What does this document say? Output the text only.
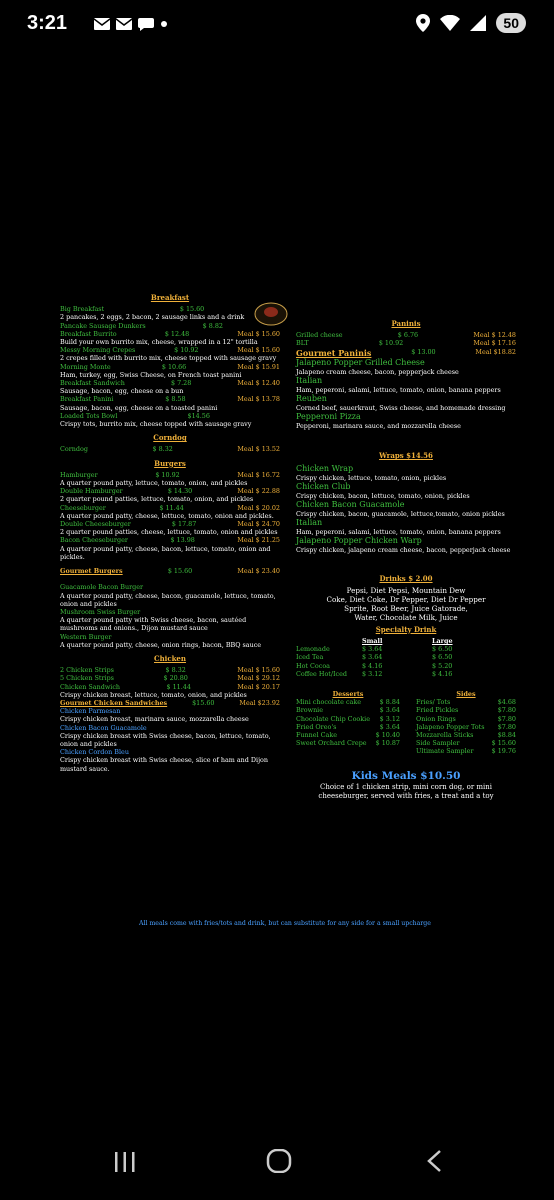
3:21	50
Breakfast
Big Breakfast	$ 15.60
2 pancakes, 2 eggs, 2 bacon, 2 sausage links and a drink
Pancake Sausage Dunkers	$ 8.82
Breakfast Burrito	$ 12.48	Meal $ 15.60
Build your own burrito mix, cheese, wrapped in a 12" tortilla
Messy Morning Crepes	$ 10.92	Meal $ 15.60
2 crepes filled with burrito mix, cheese topped with sausage gravy
Morning Monte	$ 10.66	Meal $ 15.91
Ham, turkey, egg, Swiss Cheese, on French toast panini
Breakfast Sandwich	$ 7.28	Meal $ 12.40
Sausage, bacon, egg, cheese on a bun
Breakfast Panini	$ 8.58	Meal $ 13.78
Sausage, bacon, egg, cheese on a toasted panini
Loaded Tots Bowl	$14.56
Crispy tots, burrito mix, cheese topped with sausage gravy
Corndog
Corndog	$ 8.32	Meal $ 13.52
Burgers
Hamburger	$ 10.92	Meal $ 16.72
A quarter pound patty, lettuce, tomato, onion, and pickles
Double Hamburger	$ 14.30	Meal $ 22.88
2 quarter pound patties, lettuce, tomato, onion, and pickles
Cheeseburger	$ 11.44	Meal $ 20.02
A quarter pound patty, cheese, lettuce, tomato, onion and pickles.
Double Cheeseburger	$ 17.87	Meal $ 24.70
2 quarter pound patties, cheese, lettuce, tomato, onion and pickles
Bacon Cheeseburger	$ 13.98	Meal $ 21.25
A quarter pound patty, cheese, bacon, lettuce, tomato, onion and pickles.
Gourmet Burgers	$ 15.60	Meal $ 23.40
Guacamole Bacon Burger
A quarter pound patty, cheese, bacon, guacamole, lettuce, tomato, onion and pickles
Mushroom Swiss Burger
A quarter pound patty with Swiss cheese, bacon, sautéed mushrooms and onions., Dijon mustard sauce
Western Burger
A quarter pound patty, cheese, onion rings, bacon, BBQ sauce
Chicken
2 Chicken Strips	$ 8.32	Meal $ 15.60
5 Chicken Strips	$ 20.80	Meal $ 29.12
Chicken Sandwich	$ 11.44	Meal $ 20.17
Crispy chicken breast, lettuce, tomato, onion, and pickles
Gourmet Chicken Sandwiches	$15.60	Meal $23.92
Chicken Parmesan
Crispy chicken breast, marinara sauce, mozzarella cheese
Chicken Bacon Guacamole
Crispy chicken breast with Swiss cheese, bacon, lettuce, tomato, onion and pickles
Chicken Cordon Bleu
Crispy chicken breast with Swiss cheese, slice of ham and Dijon mustard sauce.
Paninis
Grilled cheese	$ 6.76	Meal $ 12.48
BLT	$ 10.92	Meal $ 17.16
Gourmet Paninis	$ 13.00	Meal $18.82
Jalapeno Popper Grilled Cheese
Jalapeno cream cheese, bacon, pepperjack cheese
Italian
Ham, peperoni, salami, lettuce, tomato, onion, banana peppers
Reuben
Corned beef, sauerkraut, Swiss cheese, and homemade dressing
Pepperoni Pizza
Pepperoni, marinara sauce, and mozzarella cheese
Wraps $14.56
Chicken Wrap
Crispy chicken, lettuce, tomato, onion, pickles
Chicken Club
Crispy chicken, bacon, lettuce, tomato, onion, pickles
Chicken Bacon Guacamole
Crispy chicken, bacon, guacamole, lettuce,tomato, onion pickles
Italian
Ham, peperoni, salami, lettuce, tomato, onion, banana peppers
Jalapeno Popper Chicken Warp
Crispy chicken, jalapeno cream cheese, bacon, pepperjack cheese
Drinks $ 2.00
Pepsi, Diet Pepsi, Mountain Dew
Coke, Diet Coke, Dr Pepper, Diet Dr Pepper
Sprite, Root Beer, Juice Gatorade,
Water, Chocolate Milk, Juice
Specialty Drink
Small	Large
Lemonade	$ 3.64	$ 6.50
Iced Tea	$ 3.64	$ 6.50
Hot Cocoa	$ 4.16	$ 5.20
Coffee Hot/Iced	$ 3.12	$ 4.16
Desserts
Mini chocolate cake	$ 8.84
Brownie	$ 3.64
Chocolate Chip Cookie $ 3.12
Fried Oreo's	$ 3.64
Funnel Cake	$ 10.40
Sweet Orchard Crepe $ 10.87
Sides
Fries/ Tots	$4.68
Fried Pickles	$7.80
Onion Rings	$7.80
Jalapeno Popper Tots $7.80
Mozzarella Sticks	$8.84
Side Sampler	$ 15.60
Ultimate Sampler	$ 19.76
Kids Meals $10.50
Choice of 1 chicken strip, mini corn dog, or mini cheeseburger, served with fries, a treat and a toy
All meals come with fries/tots and drink, but can substitute for any side for a small upcharge
